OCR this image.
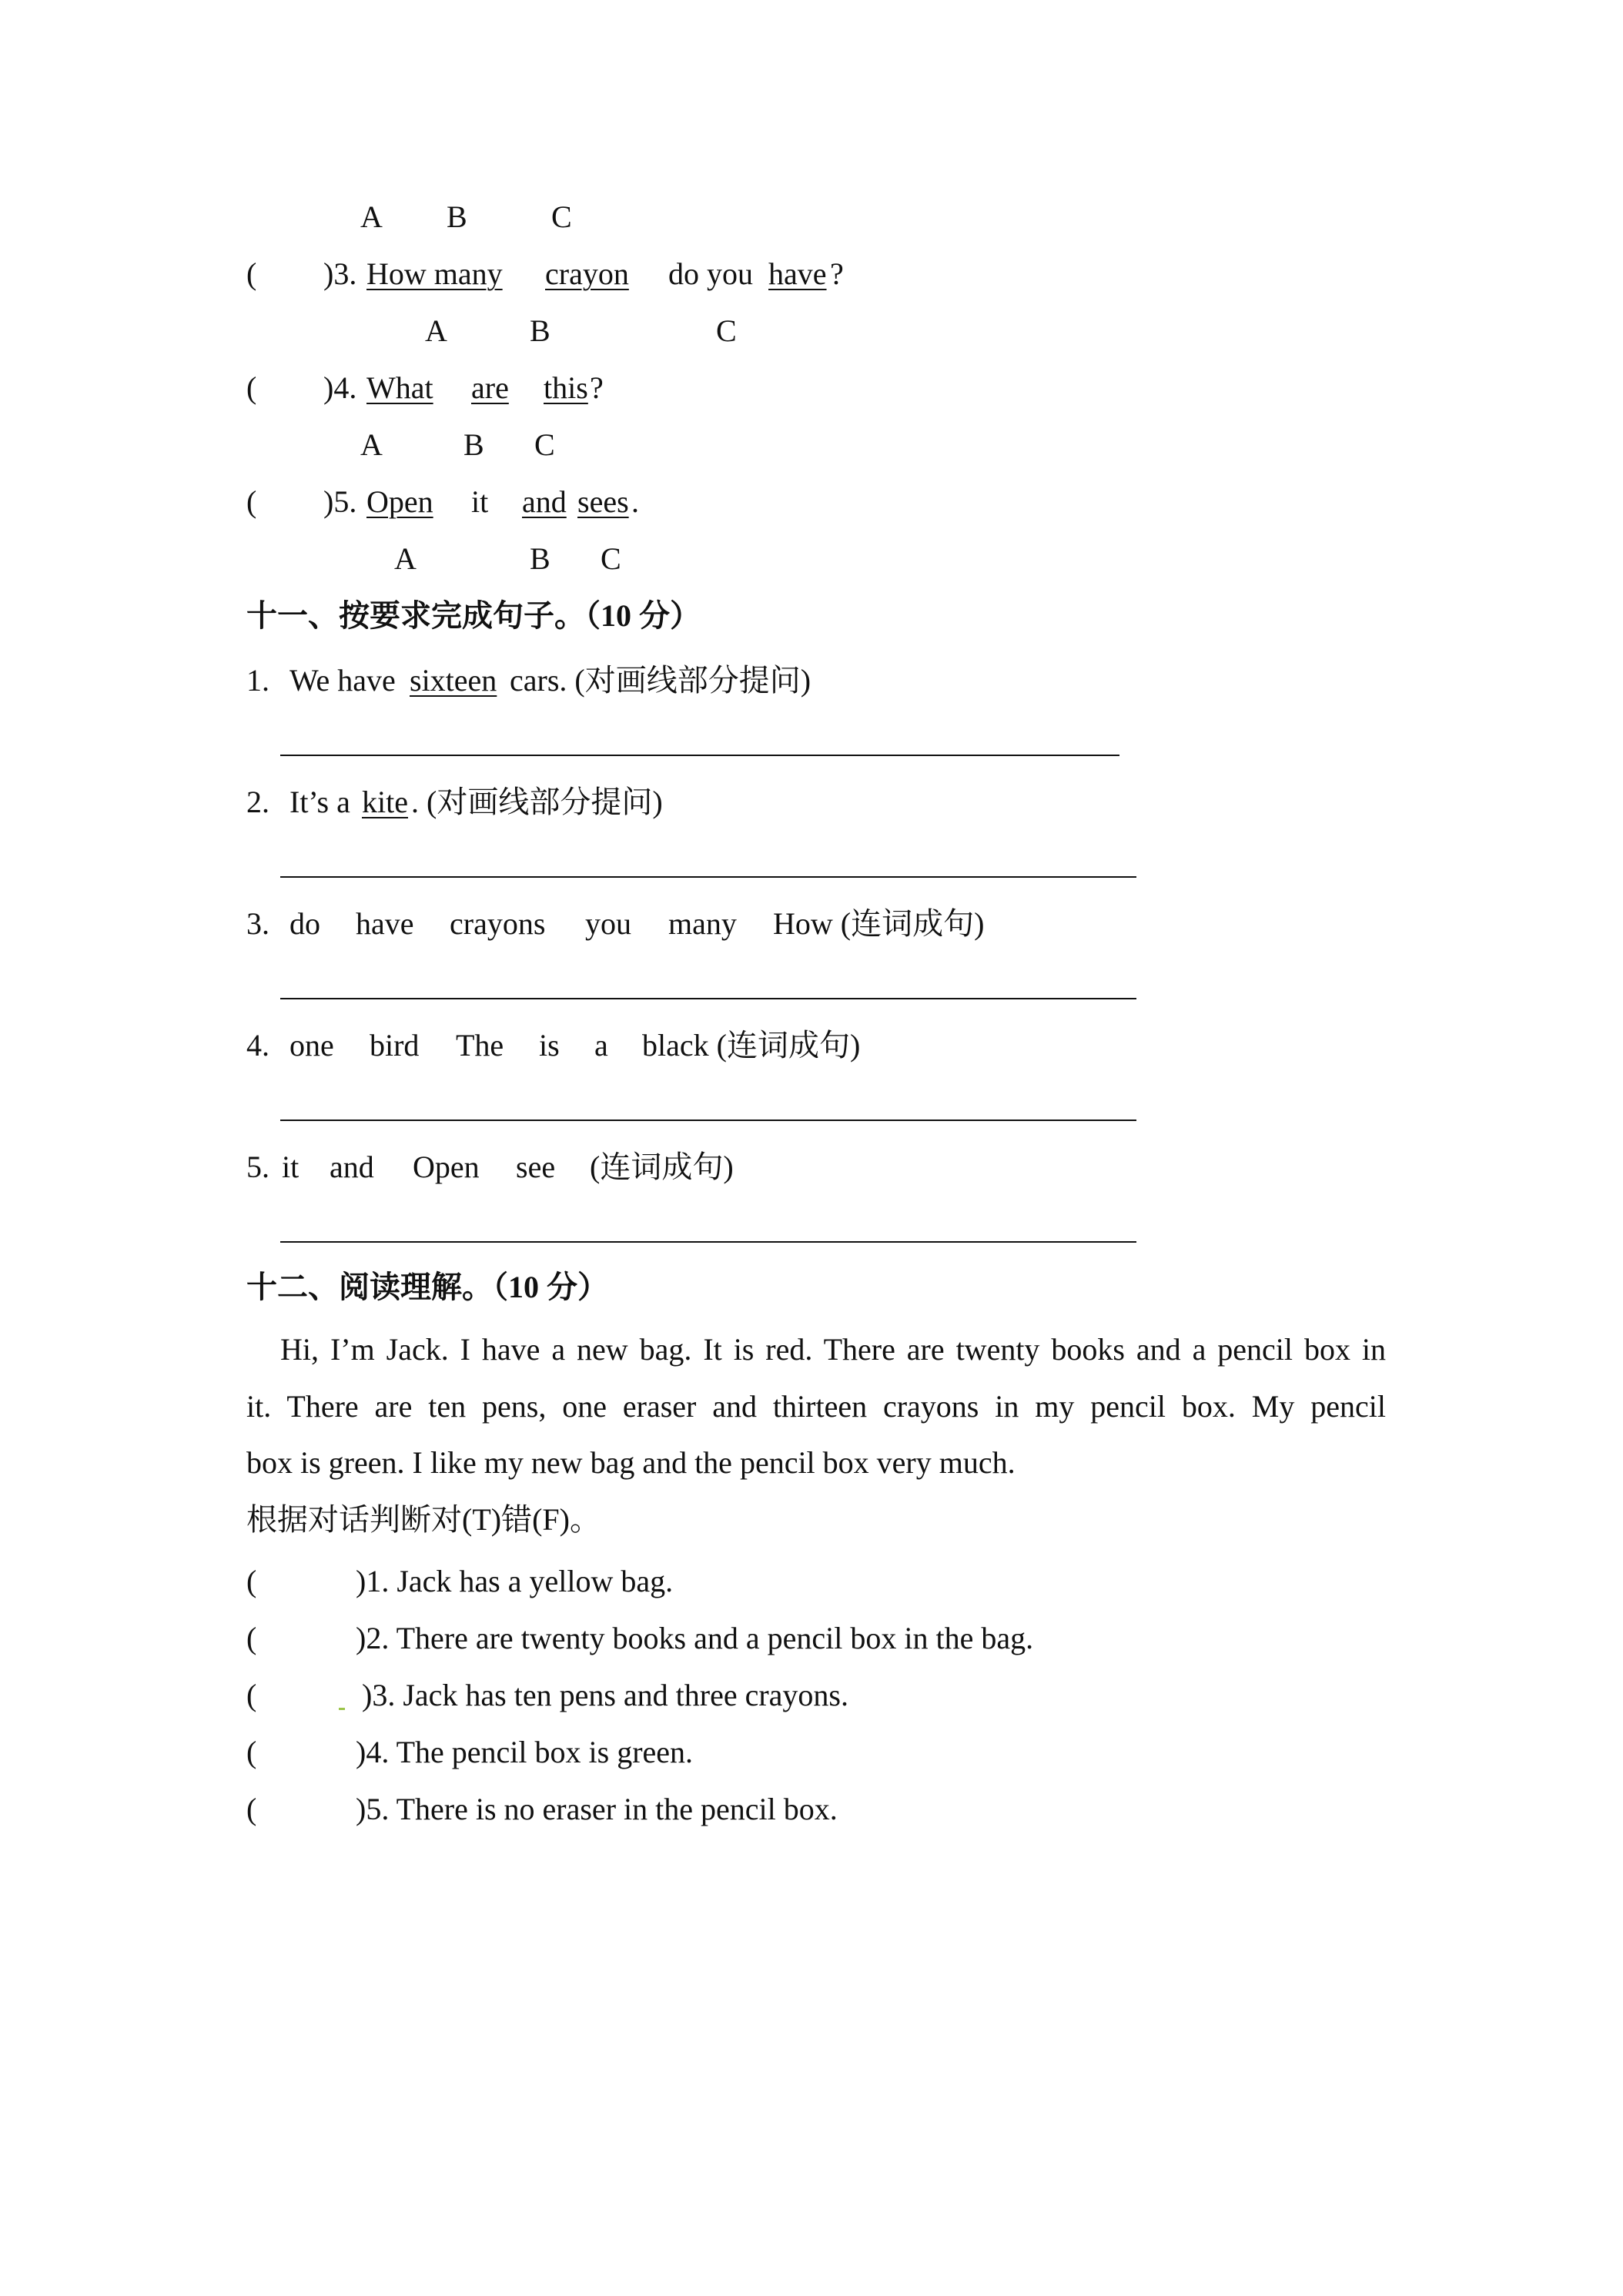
A B	C
( )3. How many crayon do you have ?
A	B	C
( )4. What are this ?
A	B C
( )5. Open it and sees .
A	B C
十一、按要求完成句子。（10 分）
1. We have sixteen cars. (对画线部分提问)
2. It’s a kite . (对画线部分提问)
3. do have crayons you many How (连词成句)
4. one bird The is a black (连词成句)
5. it and Open see (连词成句)
十二、阅读理解。（10 分）
Hi, I’m Jack. I have a new bag. It is red. There are twenty books and a pencil box in
it. There are ten pens, one eraser and thirteen crayons in my pencil box. My pencil
box is green. I like my new bag and the pencil box very much.
根据对话判断对(T)错(F)。
(	)1. Jack has a yellow bag.
(	)2. There are twenty books and a pencil box in the bag.
(	)3. Jack has ten pens and three crayons.
(	)4. The pencil box is green.
(	)5. There is no eraser in the pencil box.
